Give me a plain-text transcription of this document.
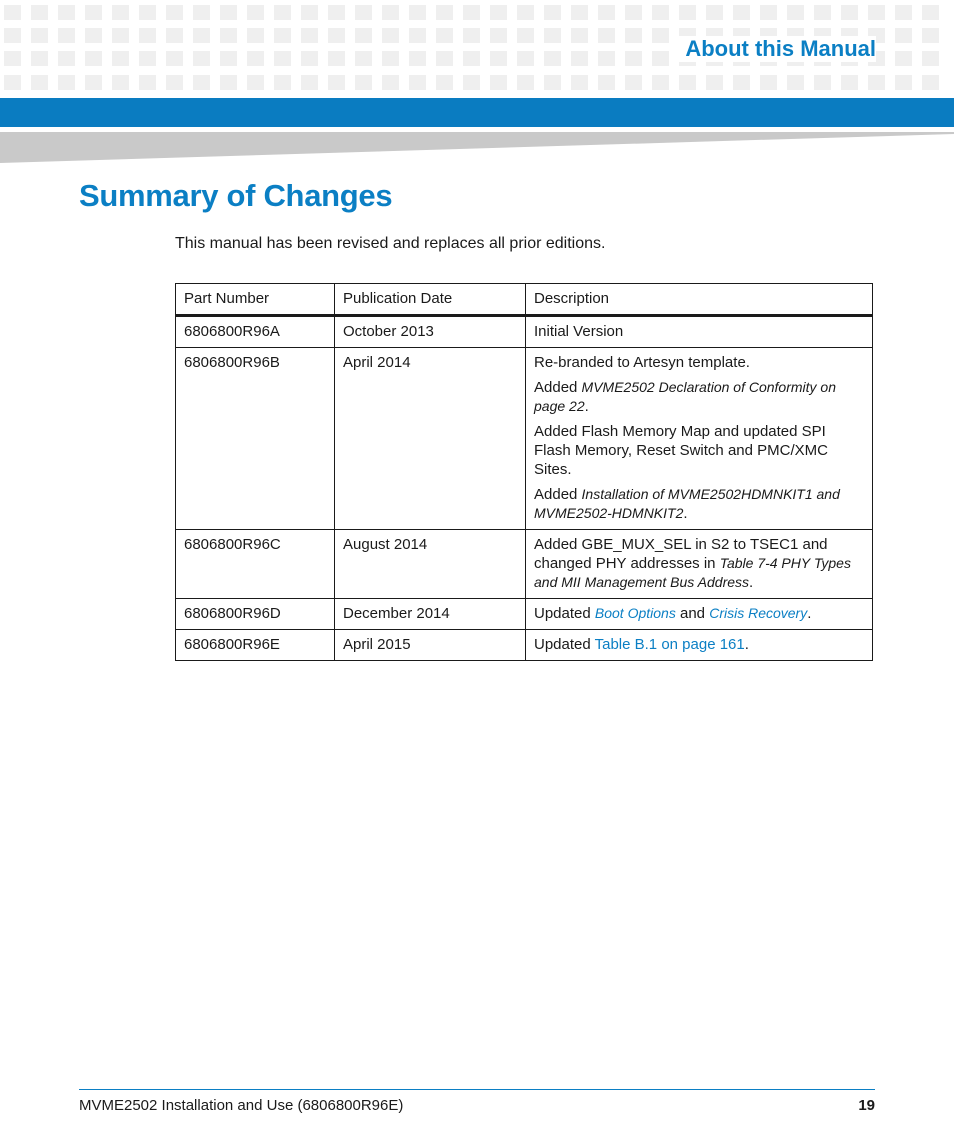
About this Manual
Summary of Changes

This manual has been revised and replaces all prior editions.

Part Number	Publication Date	Description
6806800R96A	October 2013	Initial Version
6806800R96B	April 2014	Re-branded to Artesyn template.

Added MVME2502 Declaration of Conformity on page 22.

Added Flash Memory Map and updated SPI Flash Memory, Reset Switch and PMC/XMC Sites.

Added Installation of MVME2502HDMNKIT1 and MVME2502-HDMNKIT2.

6806800R96C	August 2014	Added GBE_MUX_SEL in S2 to TSEC1 and changed PHY addresses in Table 7-4 PHY Types and MII Management Bus Address.
6806800R96D	December 2014	Updated Boot Options and Crisis Recovery.
6806800R96E	April 2015	Updated Table B.1 on page 161.
MVME2502 Installation and Use (6806800R96E)	19
